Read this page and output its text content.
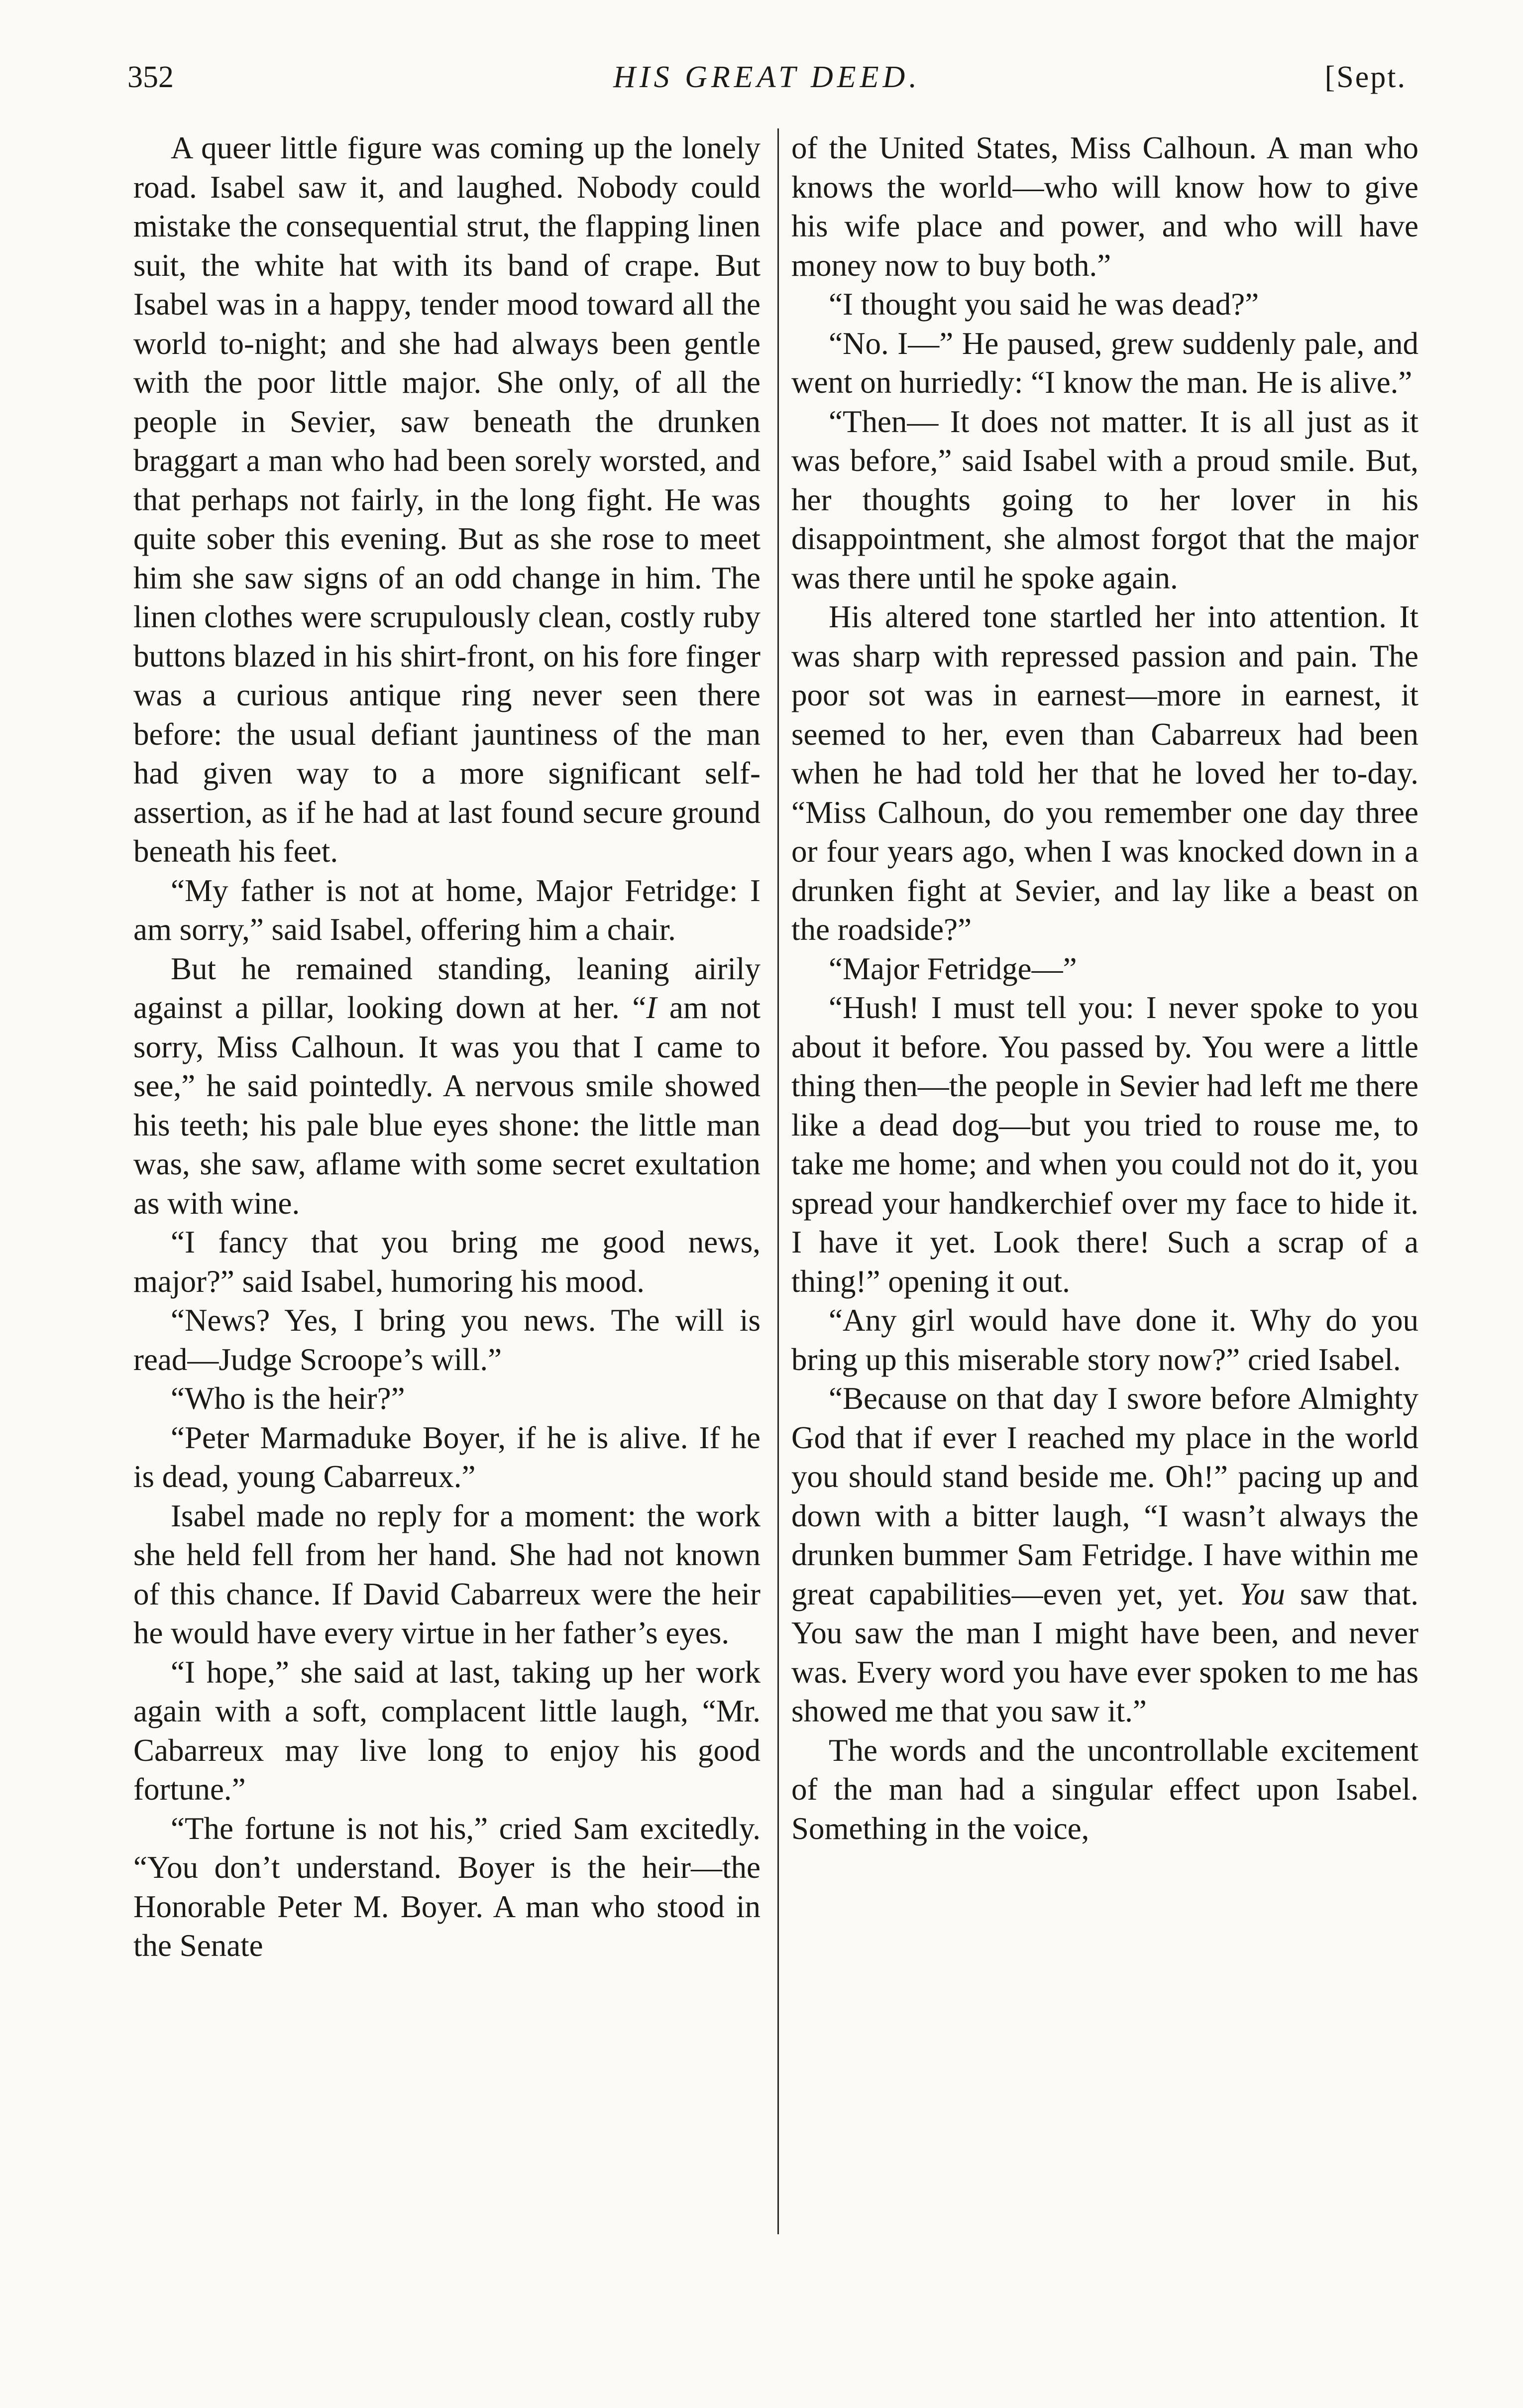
352	HIS GREAT DEED.	[Sept.

A queer little figure was coming up the lonely road. Isabel saw it, and laughed. Nobody could mistake the consequential strut, the flapping linen suit, the white hat with its band of crape. But Isabel was in a happy, tender mood toward all the world to-night; and she had always been gentle with the poor little major. She only, of all the people in Sevier, saw beneath the drunken braggart a man who had been sorely worsted, and that perhaps not fairly, in the long fight. He was quite sober this evening. But as she rose to meet him she saw signs of an odd change in him. The linen clothes were scrupulously clean, costly ruby buttons blazed in his shirt-front, on his fore finger was a curious antique ring never seen there before: the usual defiant jauntiness of the man had given way to a more significant self-assertion, as if he had at last found secure ground beneath his feet.

“My father is not at home, Major Fetridge: I am sorry,” said Isabel, offering him a chair.

But he remained standing, leaning airily against a pillar, looking down at her. “I am not sorry, Miss Calhoun. It was you that I came to see,” he said pointedly. A nervous smile showed his teeth; his pale blue eyes shone: the little man was, she saw, aflame with some secret exultation as with wine.

“I fancy that you bring me good news, major?” said Isabel, humoring his mood.

“News? Yes, I bring you news. The will is read—Judge Scroope’s will.”

“Who is the heir?”

“Peter Marmaduke Boyer, if he is alive. If he is dead, young Cabarreux.”

Isabel made no reply for a moment: the work she held fell from her hand. She had not known of this chance. If David Cabarreux were the heir he would have every virtue in her father’s eyes.

“I hope,” she said at last, taking up her work again with a soft, complacent little laugh, “Mr. Cabarreux may live long to enjoy his good fortune.”

“The fortune is not his,” cried Sam excitedly. “You don’t understand. Boyer is the heir—the Honorable Peter M. Boyer. A man who stood in the Senate

of the United States, Miss Calhoun. A man who knows the world—who will know how to give his wife place and power, and who will have money now to buy both.”

“I thought you said he was dead?”

“No. I—” He paused, grew suddenly pale, and went on hurriedly: “I know the man. He is alive.”

“Then— It does not matter. It is all just as it was before,” said Isabel with a proud smile. But, her thoughts going to her lover in his disappointment, she almost forgot that the major was there until he spoke again.

His altered tone startled her into attention. It was sharp with repressed passion and pain. The poor sot was in earnest—more in earnest, it seemed to her, even than Cabarreux had been when he had told her that he loved her to-day. “Miss Calhoun, do you remember one day three or four years ago, when I was knocked down in a drunken fight at Sevier, and lay like a beast on the roadside?”

“Major Fetridge—”

“Hush! I must tell you: I never spoke to you about it before. You passed by. You were a little thing then—the people in Sevier had left me there like a dead dog—but you tried to rouse me, to take me home; and when you could not do it, you spread your handkerchief over my face to hide it. I have it yet. Look there! Such a scrap of a thing!” opening it out.

“Any girl would have done it. Why do you bring up this miserable story now?” cried Isabel.

“Because on that day I swore before Almighty God that if ever I reached my place in the world you should stand beside me. Oh!” pacing up and down with a bitter laugh, “I wasn’t always the drunken bummer Sam Fetridge. I have within me great capabilities—even yet, yet. You saw that. You saw the man I might have been, and never was. Every word you have ever spoken to me has showed me that you saw it.”

The words and the uncontrollable excitement of the man had a singular effect upon Isabel. Something in the voice,
